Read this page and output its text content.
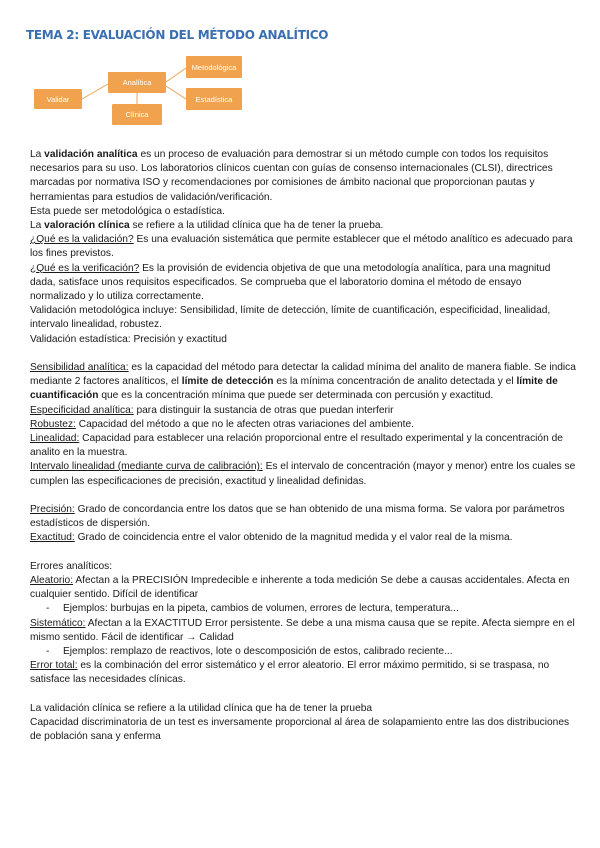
TEMA 2: EVALUACIÓN DEL MÉTODO ANALÍTICO
Validar
Analítica
Clínica
Metodológica
Estadística

La validación analítica es un proceso de evaluación para demostrar si un método cumple con todos los requisitos necesarios para su uso. Los laboratorios clínicos cuentan con guías de consenso internacionales (CLSI), directrices marcadas por normativa ISO y recomendaciones por comisiones de ámbito nacional que proporcionan pautas y herramientas para estudios de validación/verificación.

Esta puede ser metodológica o estadística.

La valoración clínica se refiere a la utilidad clínica que ha de tener la prueba.

¿Qué es la validación? Es una evaluación sistemática que permite establecer que el método analítico es adecuado para los fines previstos.

¿Qué es la verificación? Es la provisión de evidencia objetiva de que una metodología analítica, para una magnitud dada, satisface unos requisitos especificados. Se comprueba que el laboratorio domina el método de ensayo normalizado y lo utiliza correctamente.

Validación metodológica incluye: Sensibilidad, límite de detección, límite de cuantificación, especificidad, linealidad, intervalo linealidad, robustez.

Validación estadística: Precisión y exactitud

Sensibilidad analítica: es la capacidad del método para detectar la calidad mínima del analito de manera fiable. Se indica mediante 2 factores analíticos, el límite de detección es la mínima concentración de analito detectada y el límite de cuantificación que es la concentración mínima que puede ser determinada con percusión y exactitud.

Especificidad analítica: para distinguir la sustancia de otras que puedan interferir

Robustez: Capacidad del método a que no le afecten otras variaciones del ambiente.

Linealidad: Capacidad para establecer una relación proporcional entre el resultado experimental y la concentración de analito en la muestra.

Intervalo linealidad (mediante curva de calibración): Es el intervalo de concentración (mayor y menor) entre los cuales se cumplen las especificaciones de precisión, exactitud y linealidad definidas.

Precisión: Grado de concordancia entre los datos que se han obtenido de una misma forma. Se valora por parámetros estadísticos de dispersión.

Exactitud: Grado de coincidencia entre el valor obtenido de la magnitud medida y el valor real de la misma.

Errores analíticos:

Aleatorio: Afectan a la PRECISIÓN Impredecible e inherente a toda medición Se debe a causas accidentales. Afecta en cualquier sentido. Difícil de identificar

- Ejemplos: burbujas en la pipeta, cambios de volumen, errores de lectura, temperatura...

Sistemático: Afectan a la EXACTITUD Error persistente. Se debe a una misma causa que se repite. Afecta siempre en el mismo sentido. Fácil de identificar → Calidad

- Ejemplos: remplazo de reactivos, lote o descomposición de estos, calibrado reciente...

Error total: es la combinación del error sistemático y el error aleatorio. El error máximo permitido, si se traspasa, no satisface las necesidades clínicas.

La validación clínica se refiere a la utilidad clínica que ha de tener la prueba

Capacidad discriminatoria de un test es inversamente proporcional al área de solapamiento entre las dos distribuciones de población sana y enferma
